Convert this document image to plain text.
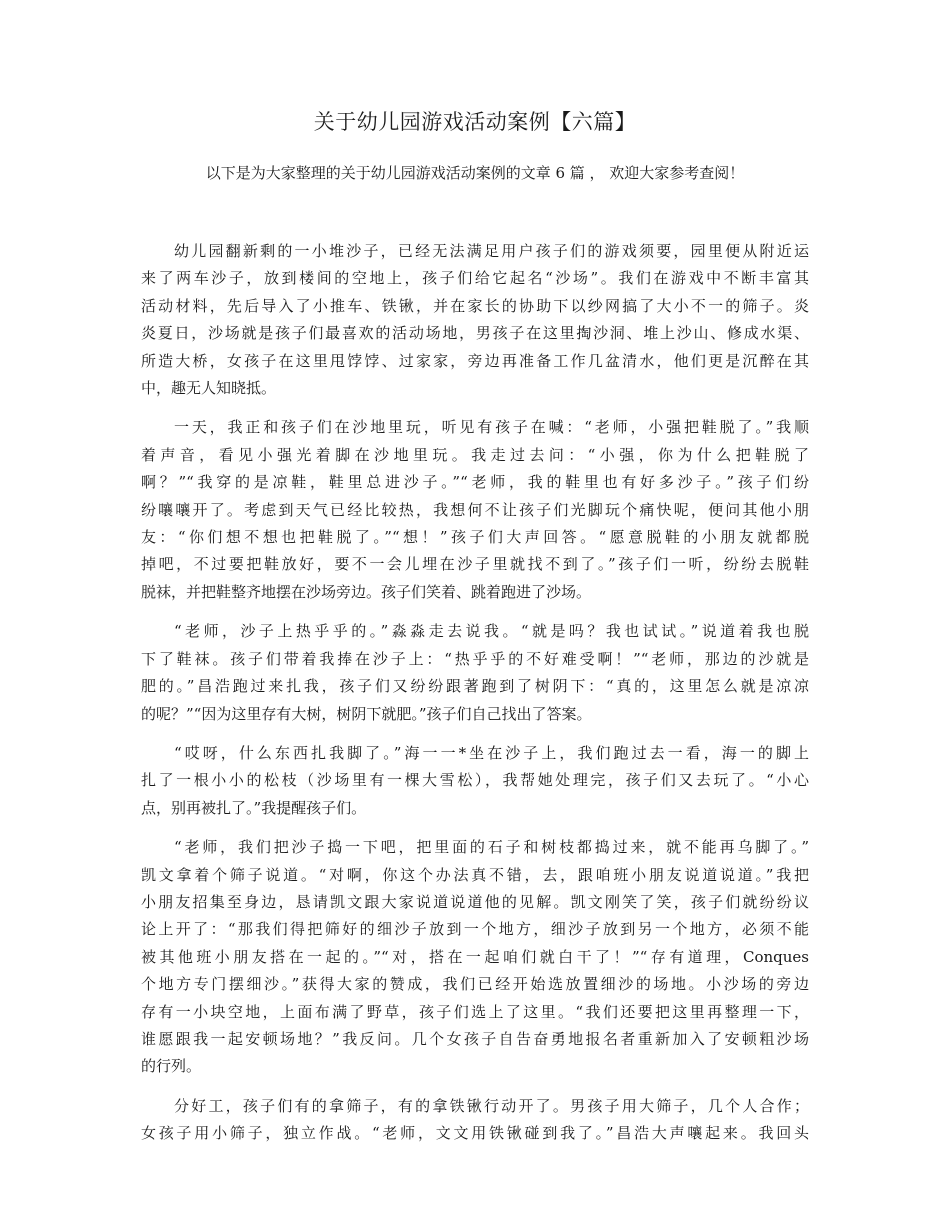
关于幼儿园游戏活动案例【六篇】

以下是为大家整理的关于幼儿园游戏活动案例的文章 6 篇 ， 欢迎大家参考查阅！

幼儿园翻新剩的一小堆沙子，已经无法满足用户孩子们的游戏须要，园里便从附近运
来了两车沙子，放到楼间的空地上，孩子们给它起名“沙场”。我们在游戏中不断丰富其
活动材料，先后导入了小推车、铁锹，并在家长的协助下以纱网搞了大小不一的筛子。炎
炎夏日，沙场就是孩子们最喜欢的活动场地，男孩子在这里掏沙洞、堆上沙山、修成水渠、
所造大桥，女孩子在这里甩饽饽、过家家，旁边再准备工作几盆清水，他们更是沉醉在其
中，趣无人知晓抵。
一天，我正和孩子们在沙地里玩，听见有孩子在喊：“老师，小强把鞋脱了。”我顺
着声音，看见小强光着脚在沙地里玩。我走过去问：“小强，你为什么把鞋脱了
啊？”“我穿的是凉鞋，鞋里总进沙子。”“老师，我的鞋里也有好多沙子。”孩子们纷
纷嚷嚷开了。考虑到天气已经比较热，我想何不让孩子们光脚玩个痛快呢，便问其他小朋
友：“你们想不想也把鞋脱了。”“想！”孩子们大声回答。“愿意脱鞋的小朋友就都脱
掉吧，不过要把鞋放好，要不一会儿埋在沙子里就找不到了。”孩子们一听，纷纷去脱鞋
脱袜，并把鞋整齐地摆在沙场旁边。孩子们笑着、跳着跑进了沙场。
“老师，沙子上热乎乎的。”淼淼走去说我。“就是吗？我也试试。”说道着我也脱
下了鞋袜。孩子们带着我捧在沙子上：“热乎乎的不好难受啊！”“老师，那边的沙就是
肥的。”昌浩跑过来扎我，孩子们又纷纷跟著跑到了树阴下：“真的，这里怎么就是凉凉
的呢？”“因为这里存有大树，树阴下就肥。”孩子们自己找出了答案。
“哎呀，什么东西扎我脚了。”海一一*坐在沙子上，我们跑过去一看，海一的脚上
扎了一根小小的松枝（沙场里有一棵大雪松），我帮她处理完，孩子们又去玩了。“小心
点，别再被扎了。”我提醒孩子们。
“老师，我们把沙子捣一下吧，把里面的石子和树枝都捣过来，就不能再乌脚了。”
凯文拿着个筛子说道。“对啊，你这个办法真不错，去，跟咱班小朋友说道说道。”我把
小朋友招集至身边，恳请凯文跟大家说道说道他的见解。凯文刚笑了笑，孩子们就纷纷议
论上开了：“那我们得把筛好的细沙子放到一个地方，细沙子放到另一个地方，必须不能
被其他班小朋友搭在一起的。”“对，搭在一起咱们就白干了！”“存有道理，Conques
个地方专门摆细沙。”获得大家的赞成，我们已经开始选放置细沙的场地。小沙场的旁边
存有一小块空地，上面布满了野草，孩子们选上了这里。“我们还要把这里再整理一下，
谁愿跟我一起安顿场地？”我反问。几个女孩子自告奋勇地报名者重新加入了安顿粗沙场
的行列。
分好工，孩子们有的拿筛子，有的拿铁锹行动开了。男孩子用大筛子，几个人合作；
女孩子用小筛子，独立作战。“老师，文文用铁锹碰到我了。”昌浩大声嚷起来。我回头
